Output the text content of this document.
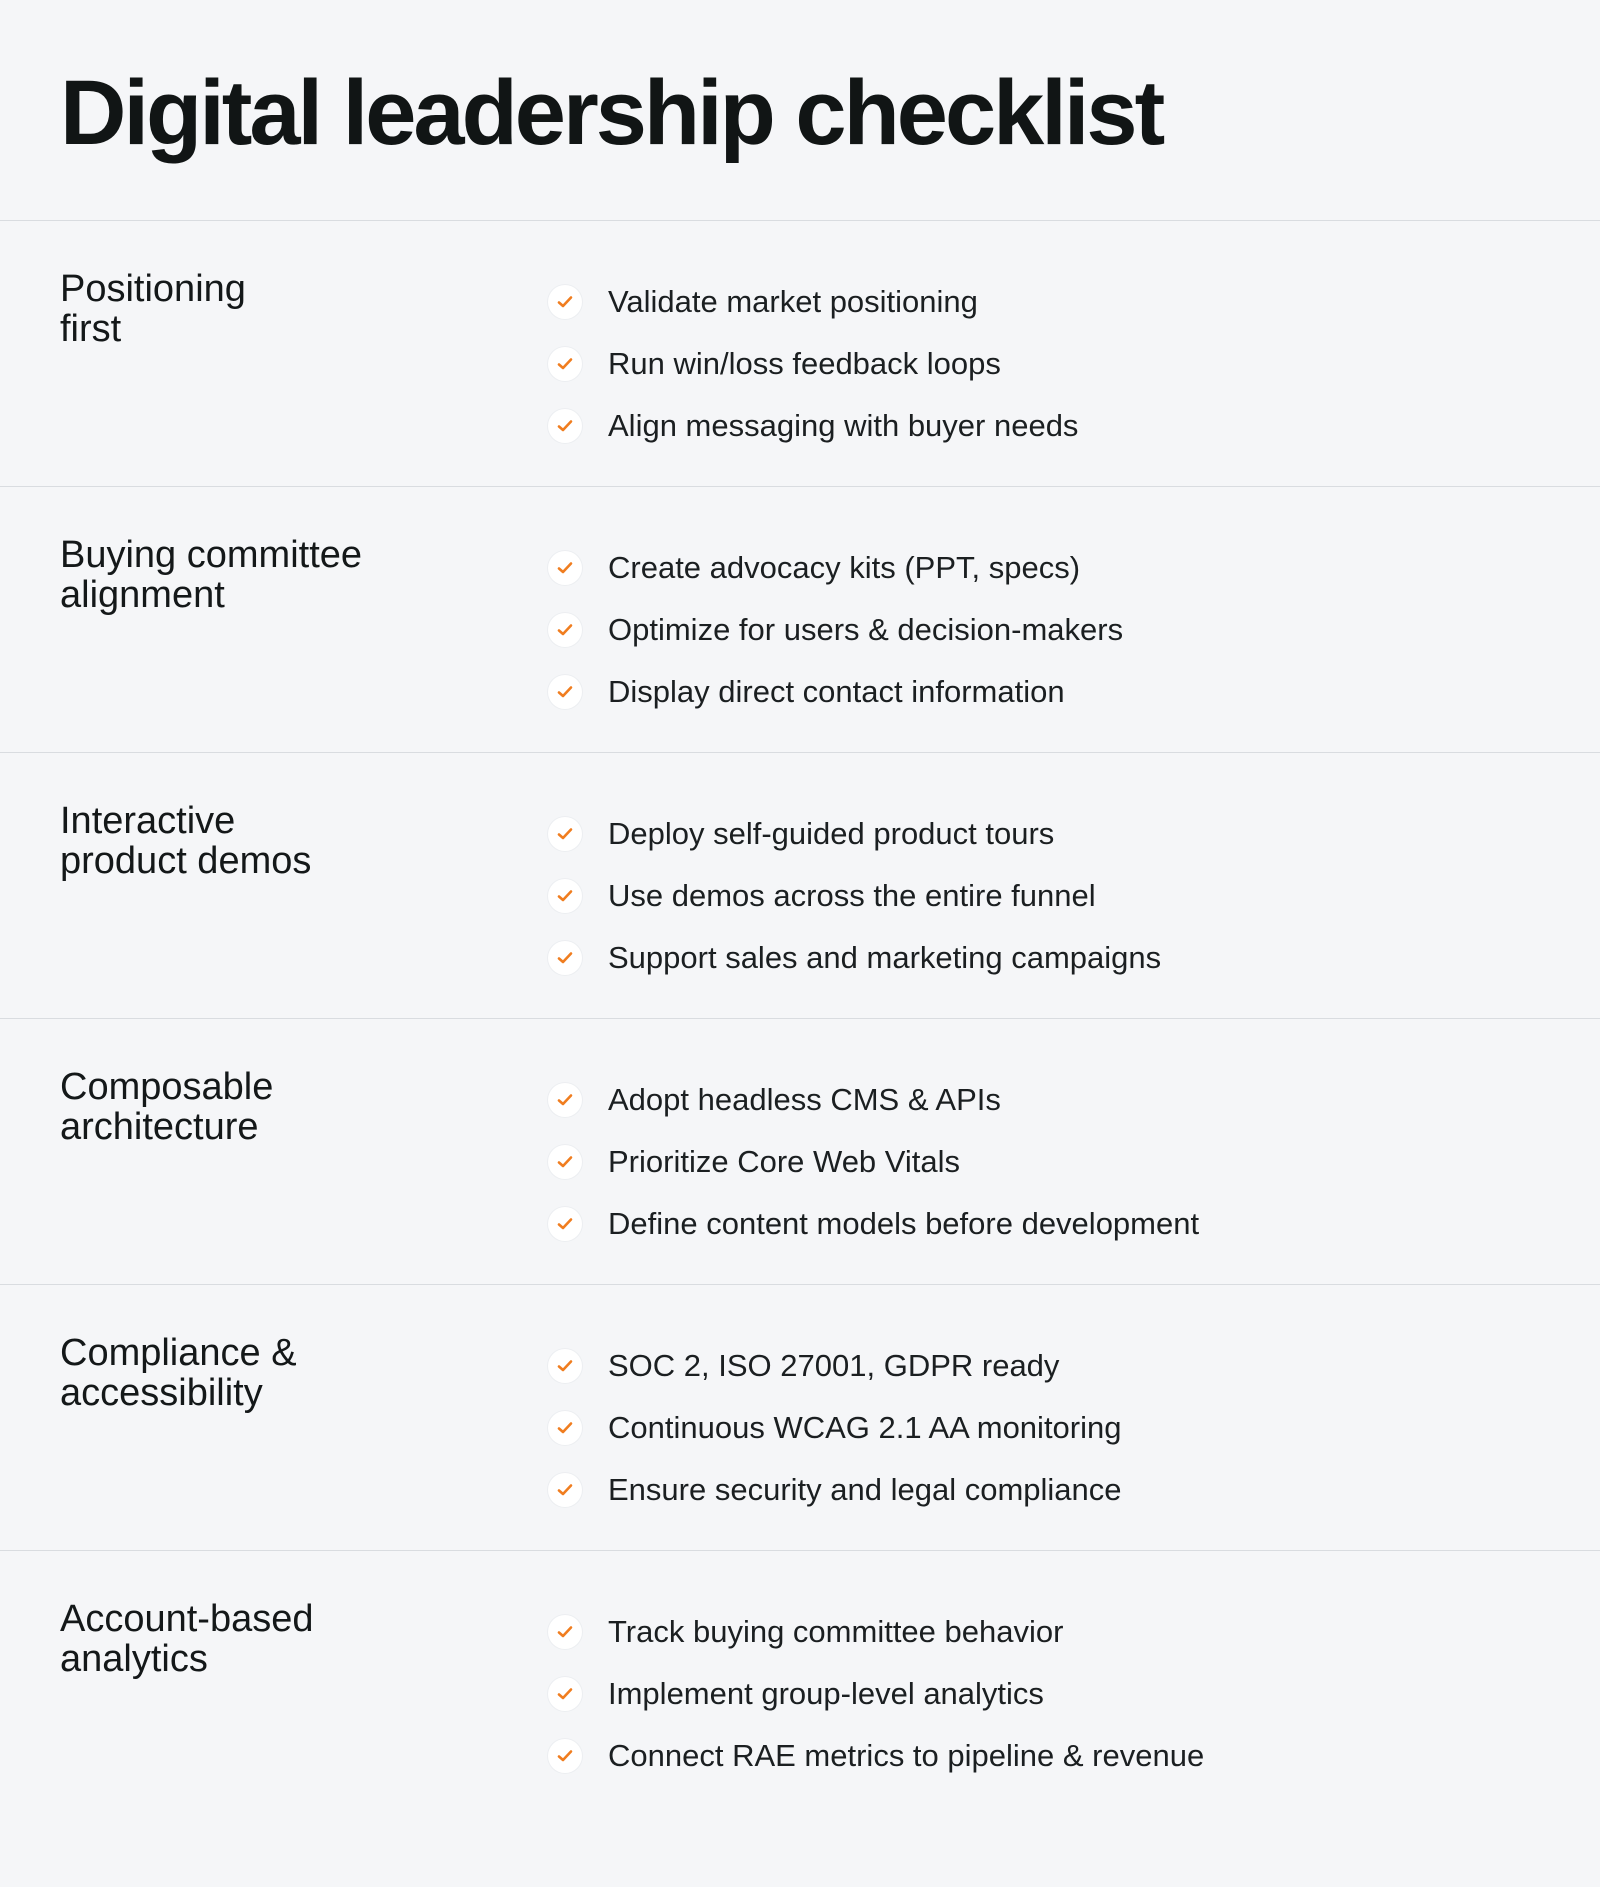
Digital leadership checklist
Positioning
first
Validate market positioning
Run win/loss feedback loops
Align messaging with buyer needs
Buying committee
alignment
Create advocacy kits (PPT, specs)
Optimize for users & decision-makers
Display direct contact information
Interactive
product demos
Deploy self-guided product tours
Use demos across the entire funnel
Support sales and marketing campaigns
Composable
architecture
Adopt headless CMS & APIs
Prioritize Core Web Vitals
Define content models before development
Compliance &
accessibility
SOC 2, ISO 27001, GDPR ready
Continuous WCAG 2.1 AA monitoring
Ensure security and legal compliance
Account-based
analytics
Track buying committee behavior
Implement group-level analytics
Connect RAE metrics to pipeline & revenue
